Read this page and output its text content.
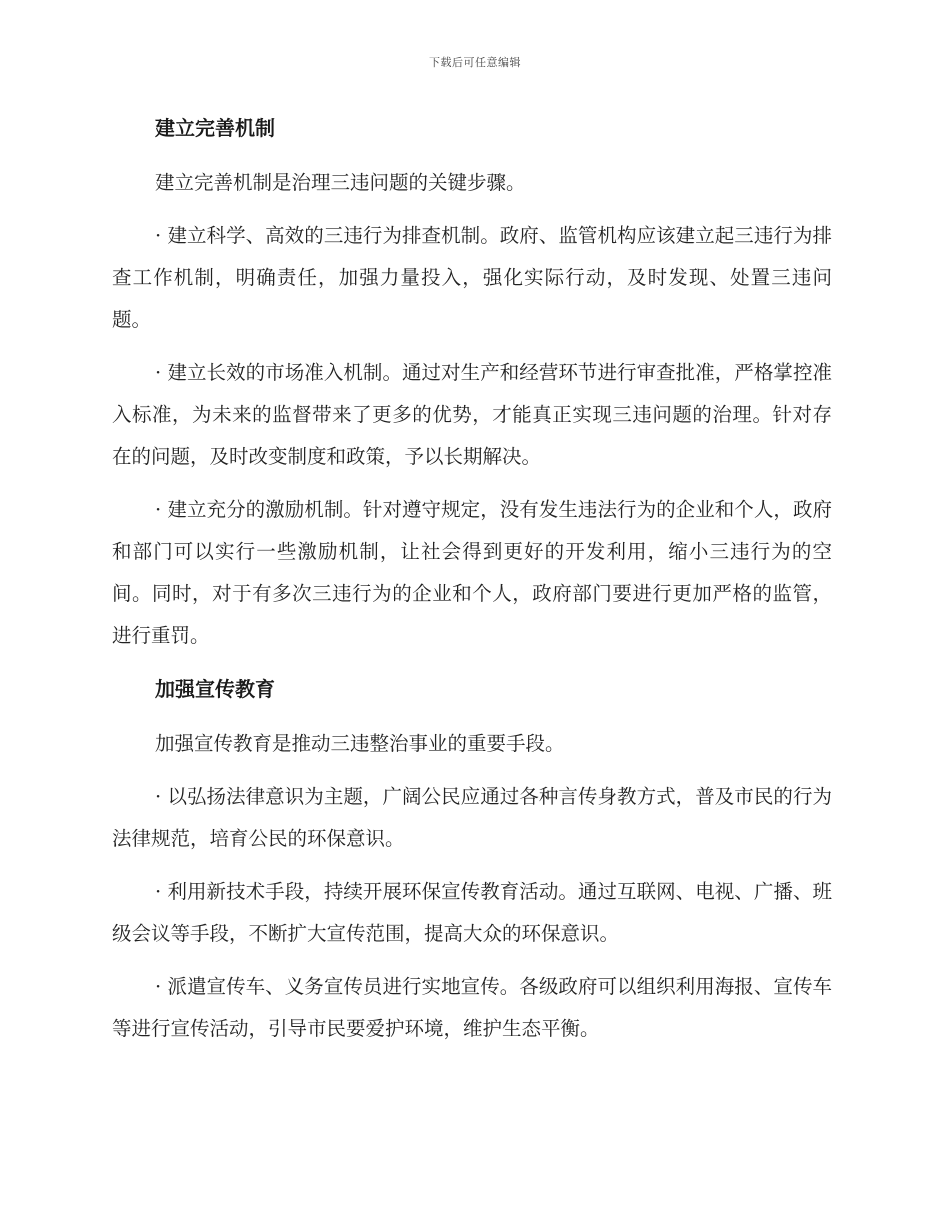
下载后可任意编辑
建立完善机制

建立完善机制是治理三违问题的关键步骤。

· 建立科学、高效的三违行为排查机制。政府、监管机构应该建立起三违行为排查工作机制，明确责任，加强力量投入，强化实际行动，及时发现、处置三违问题。

· 建立长效的市场准入机制。通过对生产和经营环节进行审查批准，严格掌控准入标准，为未来的监督带来了更多的优势，才能真正实现三违问题的治理。针对存在的问题，及时改变制度和政策，予以长期解决。

· 建立充分的激励机制。针对遵守规定，没有发生违法行为的企业和个人，政府和部门可以实行一些激励机制，让社会得到更好的开发利用，缩小三违行为的空间。同时，对于有多次三违行为的企业和个人，政府部门要进行更加严格的监管，进行重罚。

加强宣传教育

加强宣传教育是推动三违整治事业的重要手段。

· 以弘扬法律意识为主题，广阔公民应通过各种言传身教方式，普及市民的行为法律规范，培育公民的环保意识。

· 利用新技术手段，持续开展环保宣传教育活动。通过互联网、电视、广播、班级会议等手段，不断扩大宣传范围，提高大众的环保意识。

· 派遣宣传车、义务宣传员进行实地宣传。各级政府可以组织利用海报、宣传车等进行宣传活动，引导市民要爱护环境，维护生态平衡。
